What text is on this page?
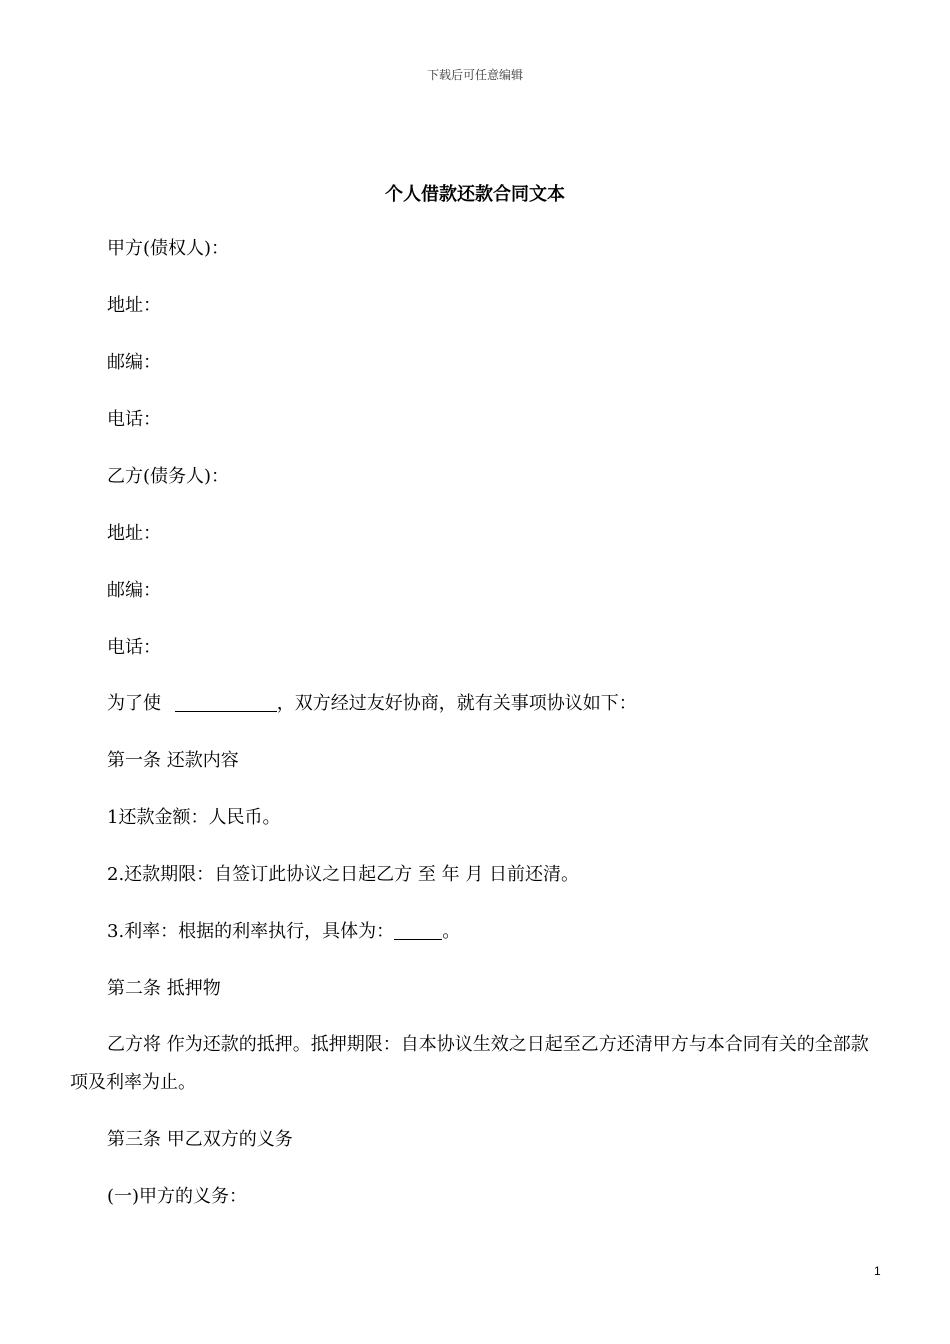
下载后可任意编辑
个人借款还款合同文本
甲方(债权人)：
地址：
邮编：
电话：
乙方(债务人)：
地址：
邮编：
电话：
为了使	，双方经过友好协商，就有关事项协议如下：
第一条 还款内容
1还款金额：人民币。
2.还款期限：自签订此协议之日起乙方 至 年 月 日前还清。
3.利率：根据的利率执行，具体为：	。
第二条 抵押物
乙方将 作为还款的抵押。抵押期限：自本协议生效之日起至乙方还清甲方与本合同有关的全部款项及利率为止。
第三条 甲乙双方的义务
(一)甲方的义务：
1
